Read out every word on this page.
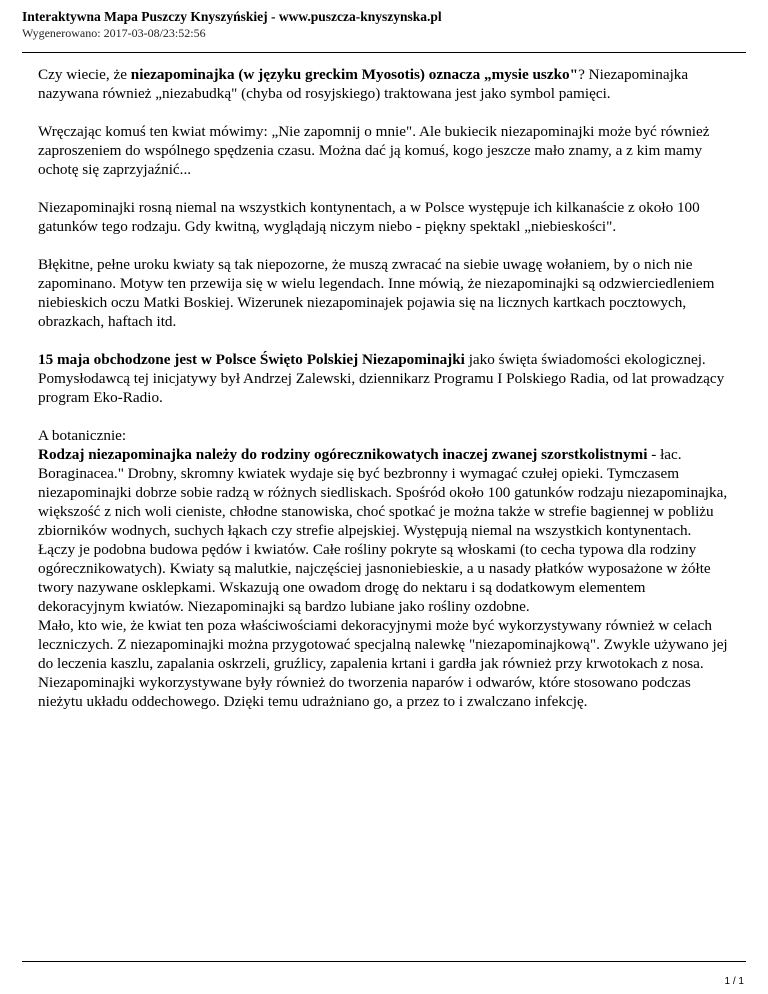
Interaktywna Mapa Puszczy Knyszyńskiej - www.puszcza-knyszynska.pl
Wygenerowano: 2017-03-08/23:52:56

Czy wiecie, że niezapominajka (w języku greckim Myosotis) oznacza „mysie uszko"? Niezapominajka nazywana również „niezabudką" (chyba od rosyjskiego) traktowana jest jako symbol pamięci.

Wręczając komuś ten kwiat mówimy: „Nie zapomnij o mnie". Ale bukiecik niezapominajki może być również zaproszeniem do wspólnego spędzenia czasu. Można dać ją komuś, kogo jeszcze mało znamy, a z kim mamy ochotę się zaprzyjaźnić...

Niezapominajki rosną niemal na wszystkich kontynentach, a w Polsce występuje ich kilkanaście z około 100 gatunków tego rodzaju. Gdy kwitną, wyglądają niczym niebo - piękny spektakl „niebieskości".

Błękitne, pełne uroku kwiaty są tak niepozorne, że muszą zwracać na siebie uwagę wołaniem, by o nich nie zapominano. Motyw ten przewija się w wielu legendach. Inne mówią, że niezapominajki są odzwierciedleniem niebieskich oczu Matki Boskiej. Wizerunek niezapominajek pojawia się na licznych kartkach pocztowych, obrazkach, haftach itd.

15 maja obchodzone jest w Polsce Święto Polskiej Niezapominajki jako święta świadomości ekologicznej. Pomysłodawcą tej inicjatywy był Andrzej Zalewski, dziennikarz Programu I Polskiego Radia, od lat prowadzący program Eko-Radio.

A botanicznie:

Rodzaj niezapominajka należy do rodziny ogórecznikowatych inaczej zwanej szorstkolistnymi - łac. Boraginacea." Drobny, skromny kwiatek wydaje się być bezbronny i wymagać czułej opieki. Tymczasem niezapominajki dobrze sobie radzą w różnych siedliskach. Spośród około 100 gatunków rodzaju niezapominajka, większość z nich woli cieniste, chłodne stanowiska, choć spotkać je można także w strefie bagiennej w pobliżu zbiorników wodnych, suchych łąkach czy strefie alpejskiej. Występują niemal na wszystkich kontynentach. Łączy je podobna budowa pędów i kwiatów. Całe rośliny pokryte są włoskami (to cecha typowa dla rodziny ogórecznikowatych). Kwiaty są malutkie, najczęściej jasnoniebieskie, a u nasady płatków wyposażone w żółte twory nazywane osklepkami. Wskazują one owadom drogę do nektaru i są dodatkowym elementem dekoracyjnym kwiatów. Niezapominajki są bardzo lubiane jako rośliny ozdobne.

Mało, kto wie, że kwiat ten poza właściwościami dekoracyjnymi może być wykorzystywany również w celach leczniczych. Z niezapominajki można przygotować specjalną nalewkę "niezapominajkową". Zwykle używano jej do leczenia kaszlu, zapalania oskrzeli, gruźlicy, zapalenia krtani i gardła jak również przy krwotokach z nosa. Niezapominajki wykorzystywane były również do tworzenia naparów i odwarów, które stosowano podczas nieżytu układu oddechowego. Dzięki temu udrażniano go, a przez to i zwalczano infekcję.

1 / 1
